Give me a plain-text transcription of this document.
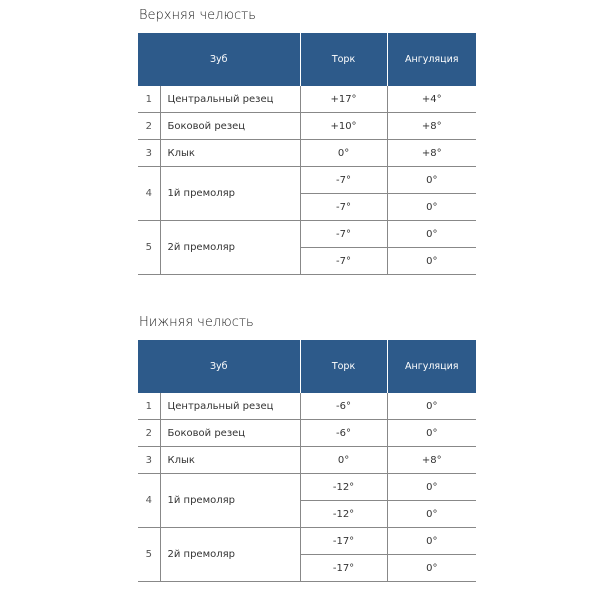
Верхняя челюсть
Зуб		Торк	Ангуляция
1	Центральный резец	+17°	+4°
2	Боковой резец	+10°	+8°
3	Клык	0°	+8°
4	1й премоляр	-7°	0°
		-7°	0°
5	2й премоляр	-7°	0°
		-7°	0°
Нижняя челюсть
Зуб		Торк	Ангуляция
1	Центральный резец	-6°	0°
2	Боковой резец	-6°	0°
3	Клык	0°	+8°
4	1й премоляр	-12°	0°
		-12°	0°
5	2й премоляр	-17°	0°
		-17°	0°
